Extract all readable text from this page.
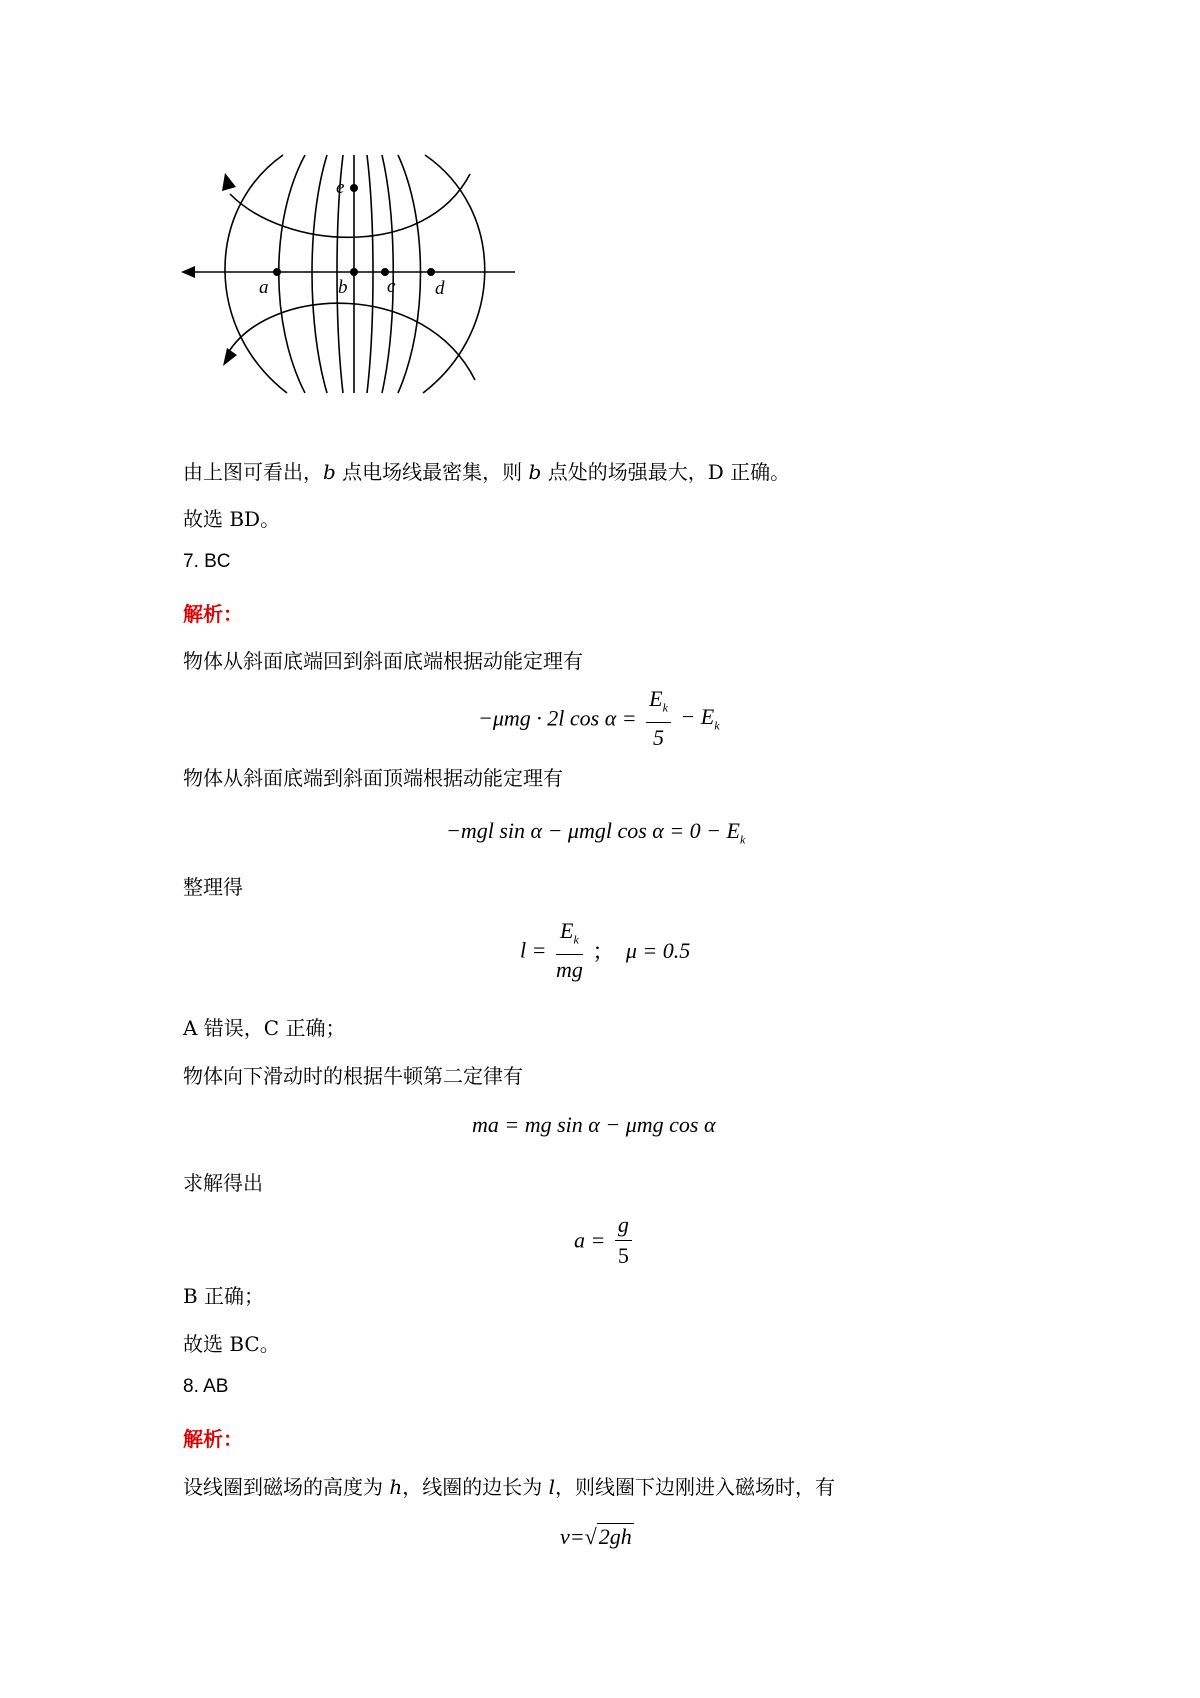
a	b c d
e
由上图可看出，b 点电场线最密集，则 b 点处的场强最大，D 正确。
故选 BD。
7. BC
解析：
物体从斜面底端回到斜面底端根据动能定理有
−μmg · 2l $\cos \alpha = \frac{E_k}{5} - E_k$
物体从斜面底端到斜面顶端根据动能定理有
−mgl sin α − μmgl $\cos \alpha = 0 - E_k$
整理得
$l = \frac{E_k}{mg}$ ； μ = 0.5
A 错误，C 正确；
物体向下滑动时的根据牛顿第二定律有
ma = mg sin α − μmg cos α
求解得出
$a = \frac{g}{5}$
B 正确；
故选 BC。
8. AB
解析：
设线圈到磁场的高度为 h，线圈的边长为 l，则线圈下边刚进入磁场时，有
v=√2gh
